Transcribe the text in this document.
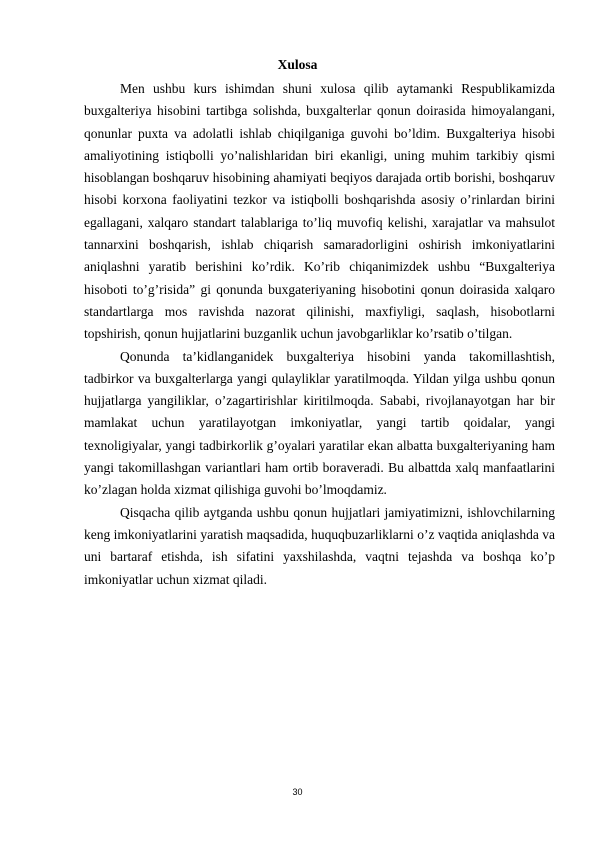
Xulosa

Men ushbu kurs ishimdan shuni xulosa qilib aytamanki Respublikamizda buxgalteriya hisobini tartibga solishda, buxgalterlar qonun doirasida himoyalangani, qonunlar puxta va adolatli ishlab chiqilganiga guvohi bo’ldim. Buxgalteriya hisobi amaliyotining istiqbolli yo’nalishlaridan biri ekanligi, uning muhim tarkibiy qismi hisoblangan boshqaruv hisobining ahamiyati beqiyos darajada ortib borishi, boshqaruv hisobi korxona faoliyatini tezkor va istiqbolli boshqarishda asosiy o’rinlardan birini egallagani, xalqaro standart talablariga to’liq muvofiq kelishi, xarajatlar va mahsulot tannarxini boshqarish, ishlab chiqarish samaradorligini oshirish imkoniyatlarini aniqlashni yaratib berishini ko’rdik. Ko’rib chiqanimizdek ushbu “Buxgalteriya hisoboti to’g’risida” gi qonunda buxgateriyaning hisobotini qonun doirasida xalqaro standartlarga mos ravishda nazorat qilinishi, maxfiyligi, saqlash, hisobotlarni topshirish, qonun hujjatlarini buzganlik uchun javobgarliklar ko’rsatib o’tilgan.

Qonunda ta’kidlanganidek buxgalteriya hisobini yanda takomillashtish, tadbirkor va buxgalterlarga yangi qulayliklar yaratilmoqda. Yildan yilga ushbu qonun hujjatlarga yangiliklar, o’zagartirishlar kiritilmoqda. Sababi, rivojlanayotgan har bir mamlakat uchun yaratilayotgan imkoniyatlar, yangi tartib qoidalar, yangi texnoligiyalar, yangi tadbirkorlik g’oyalari yaratilar ekan albatta buxgalteriyaning ham yangi takomillashgan variantlari ham ortib boraveradi. Bu albattda xalq manfaatlarini ko’zlagan holda xizmat qilishiga guvohi bo’lmoqdamiz.

Qisqacha qilib aytganda ushbu qonun hujjatlari jamiyatimizni, ishlovchilarning keng imkoniyatlarini yaratish maqsadida, huquqbuzarliklarni o’z vaqtida aniqlashda va uni bartaraf etishda, ish sifatini yaxshilashda, vaqtni tejashda va boshqa ko’p imkoniyatlar uchun xizmat qiladi.

30
